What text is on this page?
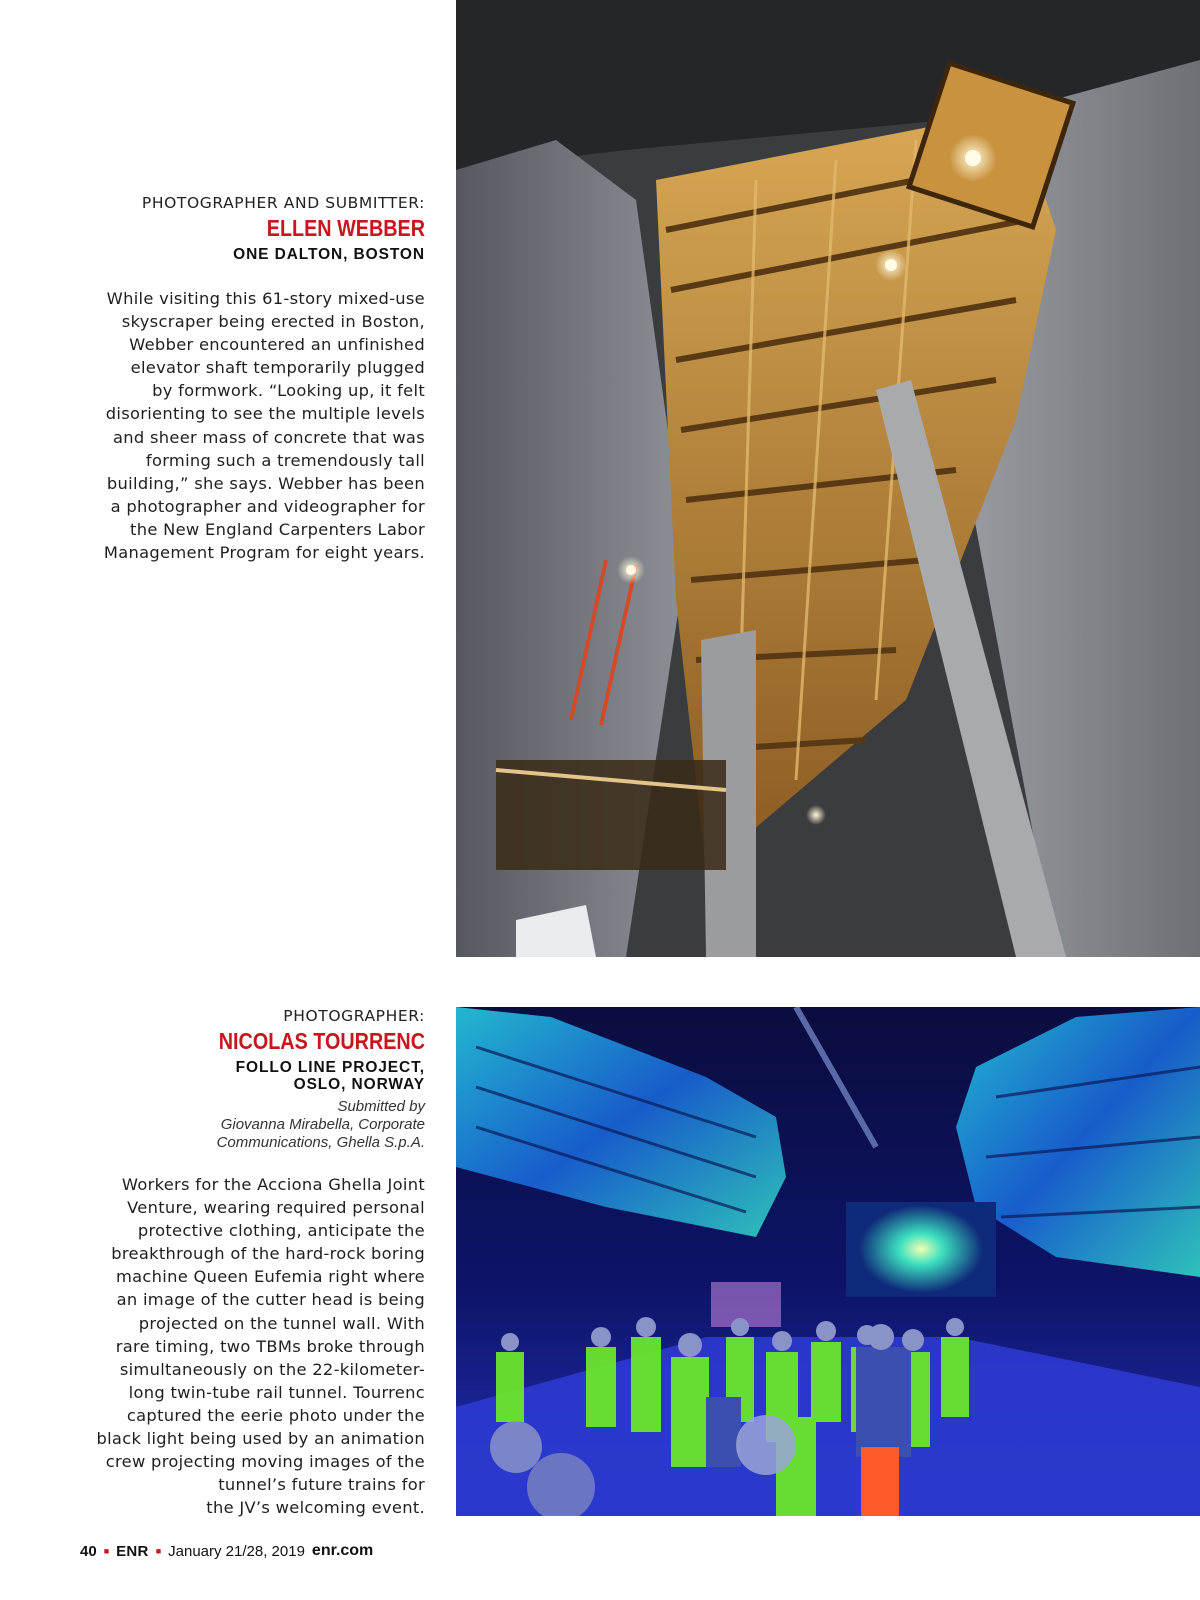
PHOTOGRAPHER AND SUBMITTER:
ELLEN WEBBER
ONE DALTON, BOSTON
While visiting this 61-story mixed-use
skyscraper being erected in Boston,
Webber encountered an unfinished
elevator shaft temporarily plugged
by formwork. “Looking up, it felt
disorienting to see the multiple levels
and sheer mass of concrete that was
forming such a tremendously tall
building,” she says. Webber has been
a photographer and videographer for
the New England Carpenters Labor
Management Program for eight years.
PHOTOGRAPHER:
NICOLAS TOURRENC
FOLLO LINE PROJECT,
OSLO, NORWAY
Submitted by
Giovanna Mirabella, Corporate
Communications, Ghella S.p.A.
Workers for the Acciona Ghella Joint
Venture, wearing required personal
protective clothing, anticipate the
breakthrough of the hard-rock boring
machine Queen Eufemia right where
an image of the cutter head is being
projected on the tunnel wall. With
rare timing, two TBMs broke through
simultaneously on the 22-kilometer-
long twin-tube rail tunnel. Tourrenc
captured the eerie photo under the
black light being used by an animation
crew projecting moving images of the
tunnel’s future trains for
the JV’s welcoming event.
40 ■ ENR ■ January 21/28, 2019 enr.com
